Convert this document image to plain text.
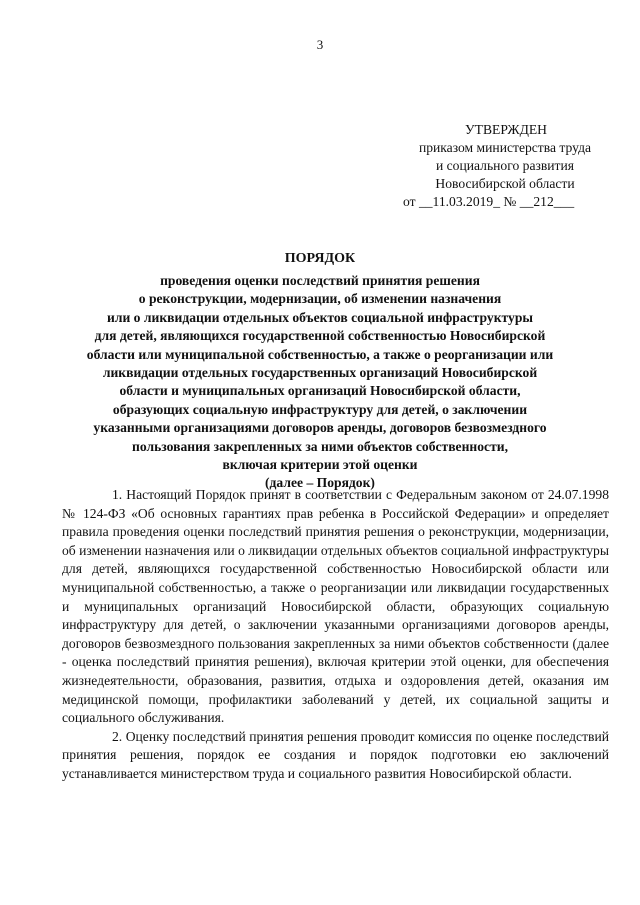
3
УТВЕРЖДЕН
приказом министерства труда
и социального развития
Новосибирской области
от __11.03.2019_ № __212___
ПОРЯДОК
проведения оценки последствий принятия решения
о реконструкции, модернизации, об изменении назначения
или о ликвидации отдельных объектов социальной инфраструктуры
для детей, являющихся государственной собственностью Новосибирской
области или муниципальной собственностью, а также о реорганизации или
ликвидации отдельных государственных организаций Новосибирской
области и муниципальных организаций Новосибирской области,
образующих социальную инфраструктуру для детей, о заключении
указанными организациями договоров аренды, договоров безвозмездного
пользования закрепленных за ними объектов собственности,
включая критерии этой оценки
(далее – Порядок)

1. Настоящий Порядок принят в соответствии с Федеральным законом от 24.07.1998 № 124-ФЗ «Об основных гарантиях прав ребенка в Российской Федерации» и определяет правила проведения оценки последствий принятия решения о реконструкции, модернизации, об изменении назначения или о ликвидации отдельных объектов социальной инфраструктуры для детей, являющихся государственной собственностью Новосибирской области или муниципальной собственностью, а также о реорганизации или ликвидации государственных и муниципальных организаций Новосибирской области, образующих социальную инфраструктуру для детей, о заключении указанными организациями договоров аренды, договоров безвозмездного пользования закрепленных за ними объектов собственности (далее - оценка последствий принятия решения), включая критерии этой оценки, для обеспечения жизнедеятельности, образования, развития, отдыха и оздоровления детей, оказания им медицинской помощи, профилактики заболеваний у детей, их социальной защиты и социального обслуживания.

2. Оценку последствий принятия решения проводит комиссия по оценке последствий принятия решения, порядок ее создания и порядок подготовки ею заключений устанавливается министерством труда и социального развития Новосибирской области.
